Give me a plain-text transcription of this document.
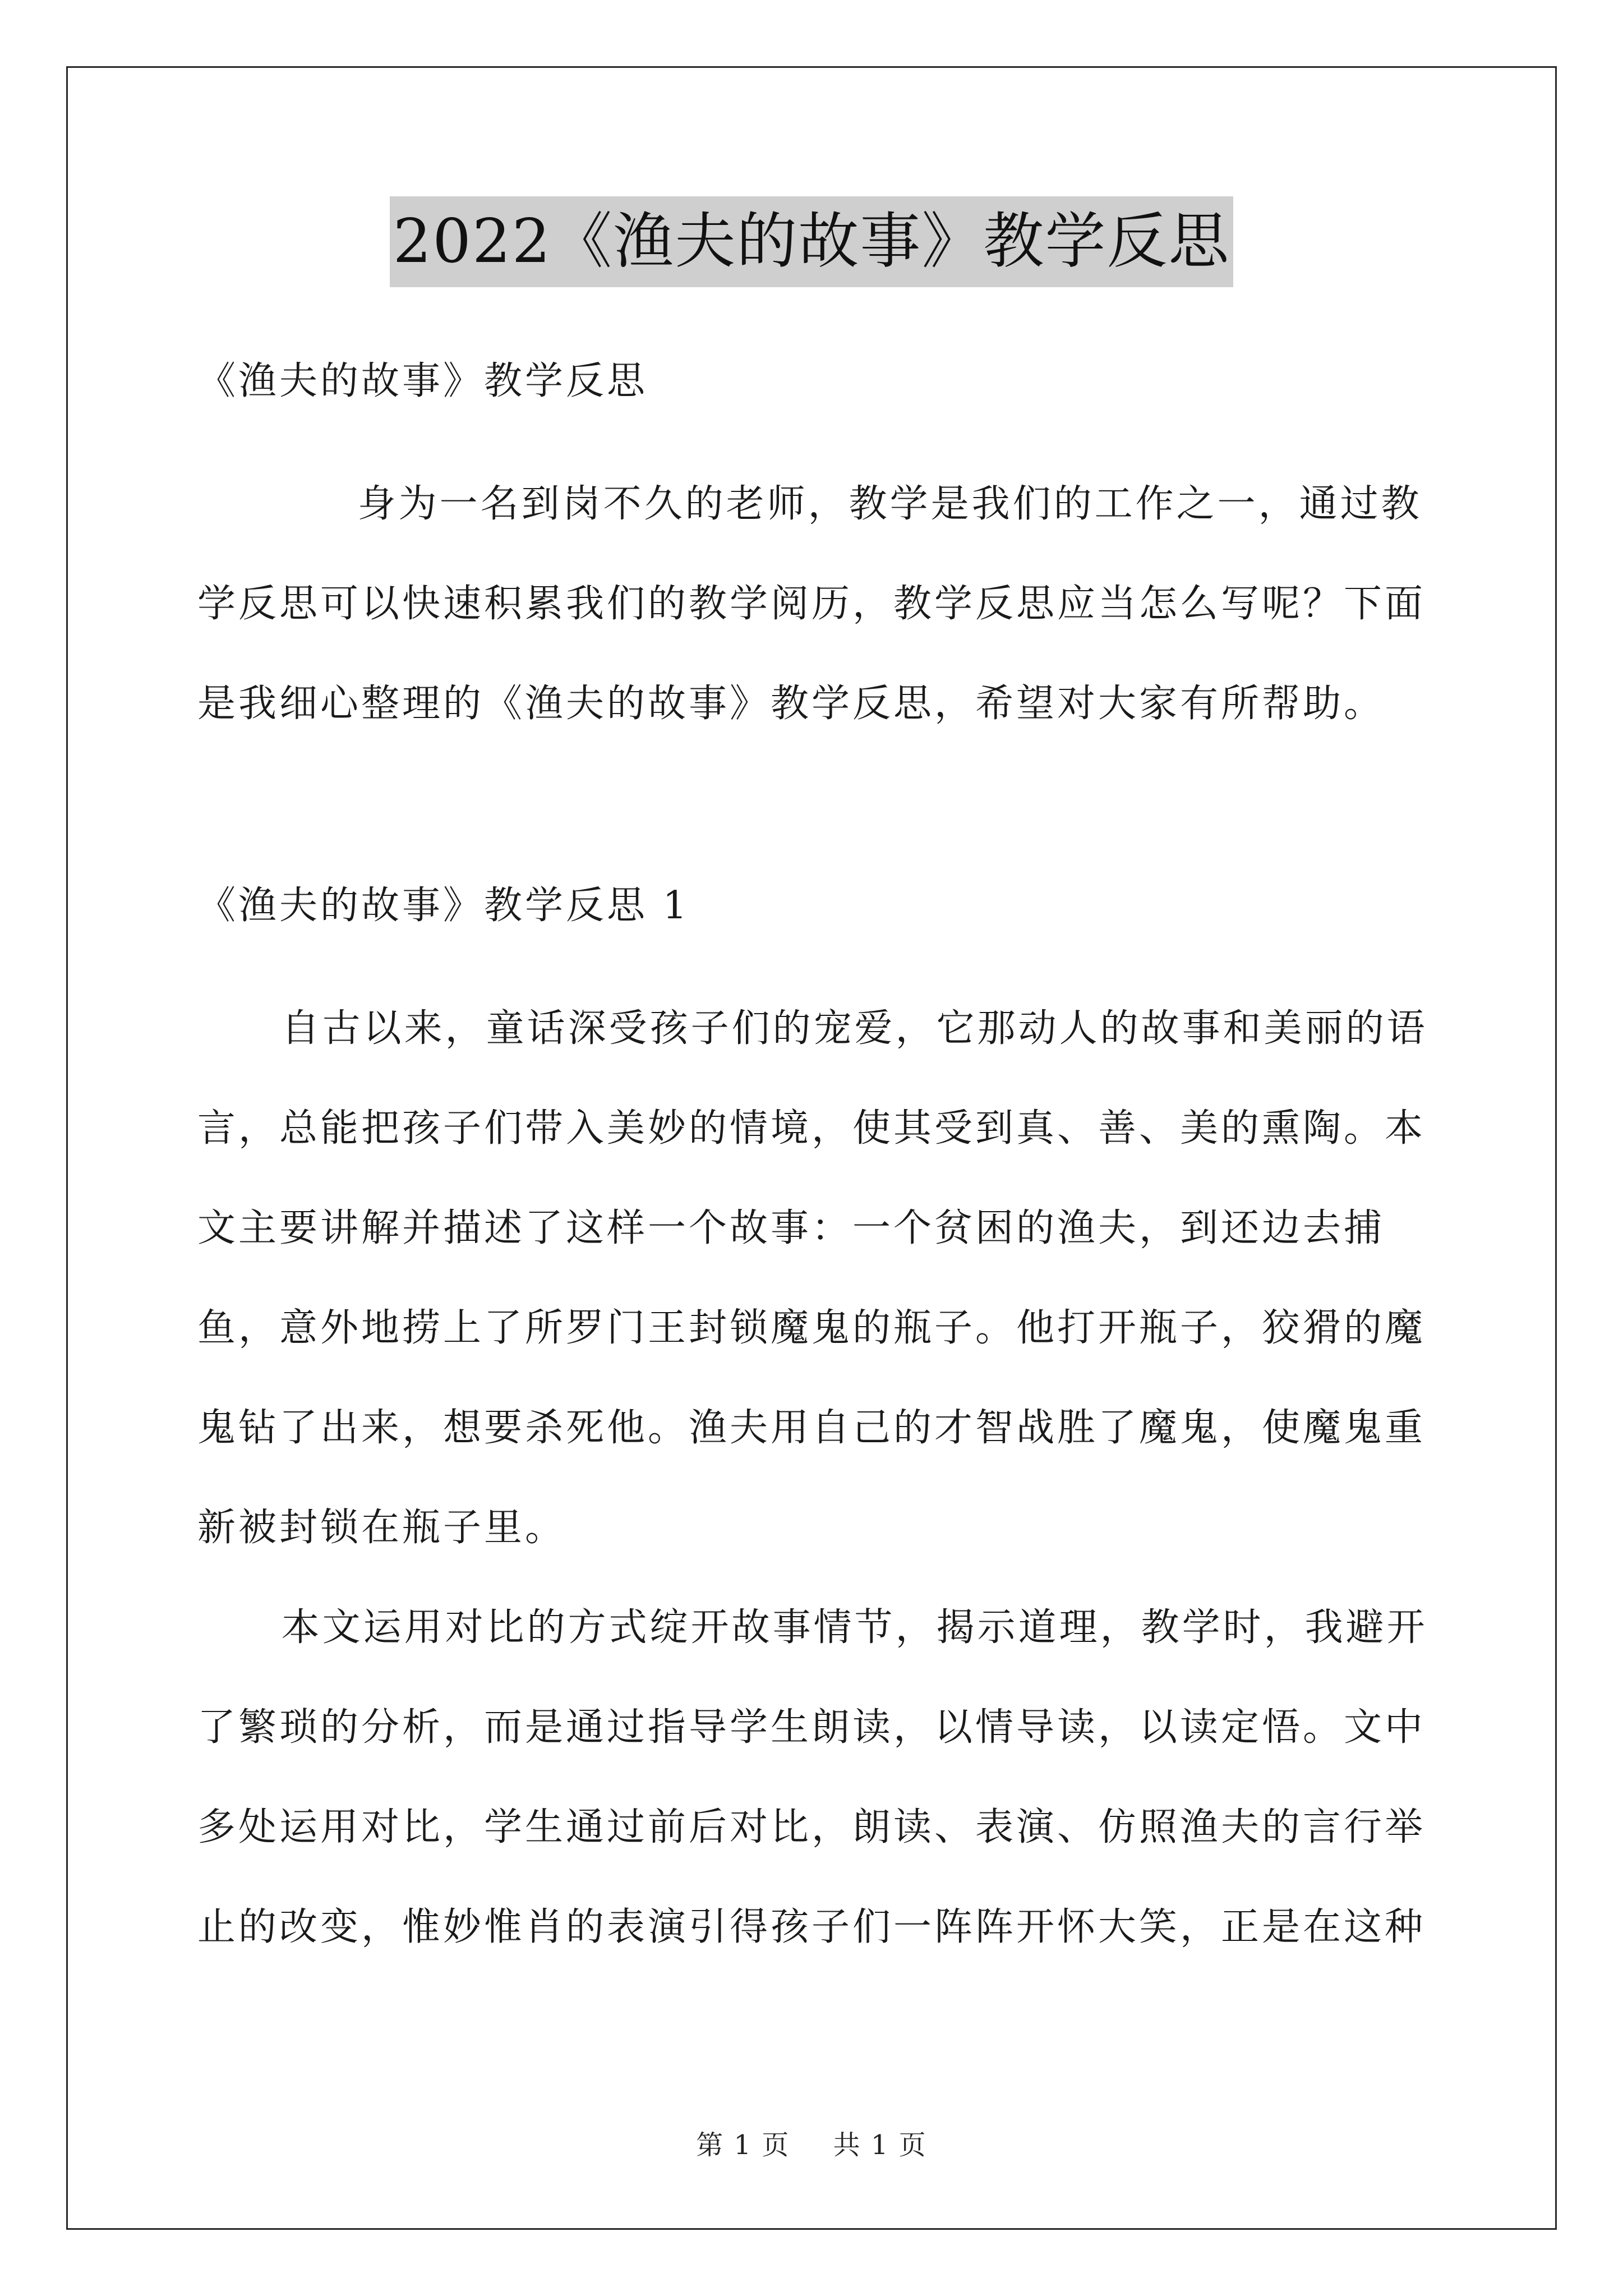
2022《渔夫的故事》教学反思
《渔夫的故事》教学反思

身为一名到岗不久的老师，教学是我们的工作之一，通过教学反思可以快速积累我们的教学阅历，教学反思应当怎么写呢？下面是我细心整理的《渔夫的故事》教学反思，希望对大家有所帮助。

《渔夫的故事》教学反思 1

自古以来，童话深受孩子们的宠爱，它那动人的故事和美丽的语言，总能把孩子们带入美妙的情境，使其受到真、善、美的熏陶。本文主要讲解并描述了这样一个故事：一个贫困的渔夫，到还边去捕鱼，意外地捞上了所罗门王封锁魔鬼的瓶子。他打开瓶子，狡猾的魔鬼钻了出来，想要杀死他。渔夫用自己的才智战胜了魔鬼，使魔鬼重新被封锁在瓶子里。

本文运用对比的方式绽开故事情节，揭示道理，教学时，我避开了繁琐的分析，而是通过指导学生朗读，以情导读，以读定悟。文中多处运用对比，学生通过前后对比，朗读、表演、仿照渔夫的言行举止的改变，惟妙惟肖的表演引得孩子们一阵阵开怀大笑，正是在这种

第 1 页 共 1 页
